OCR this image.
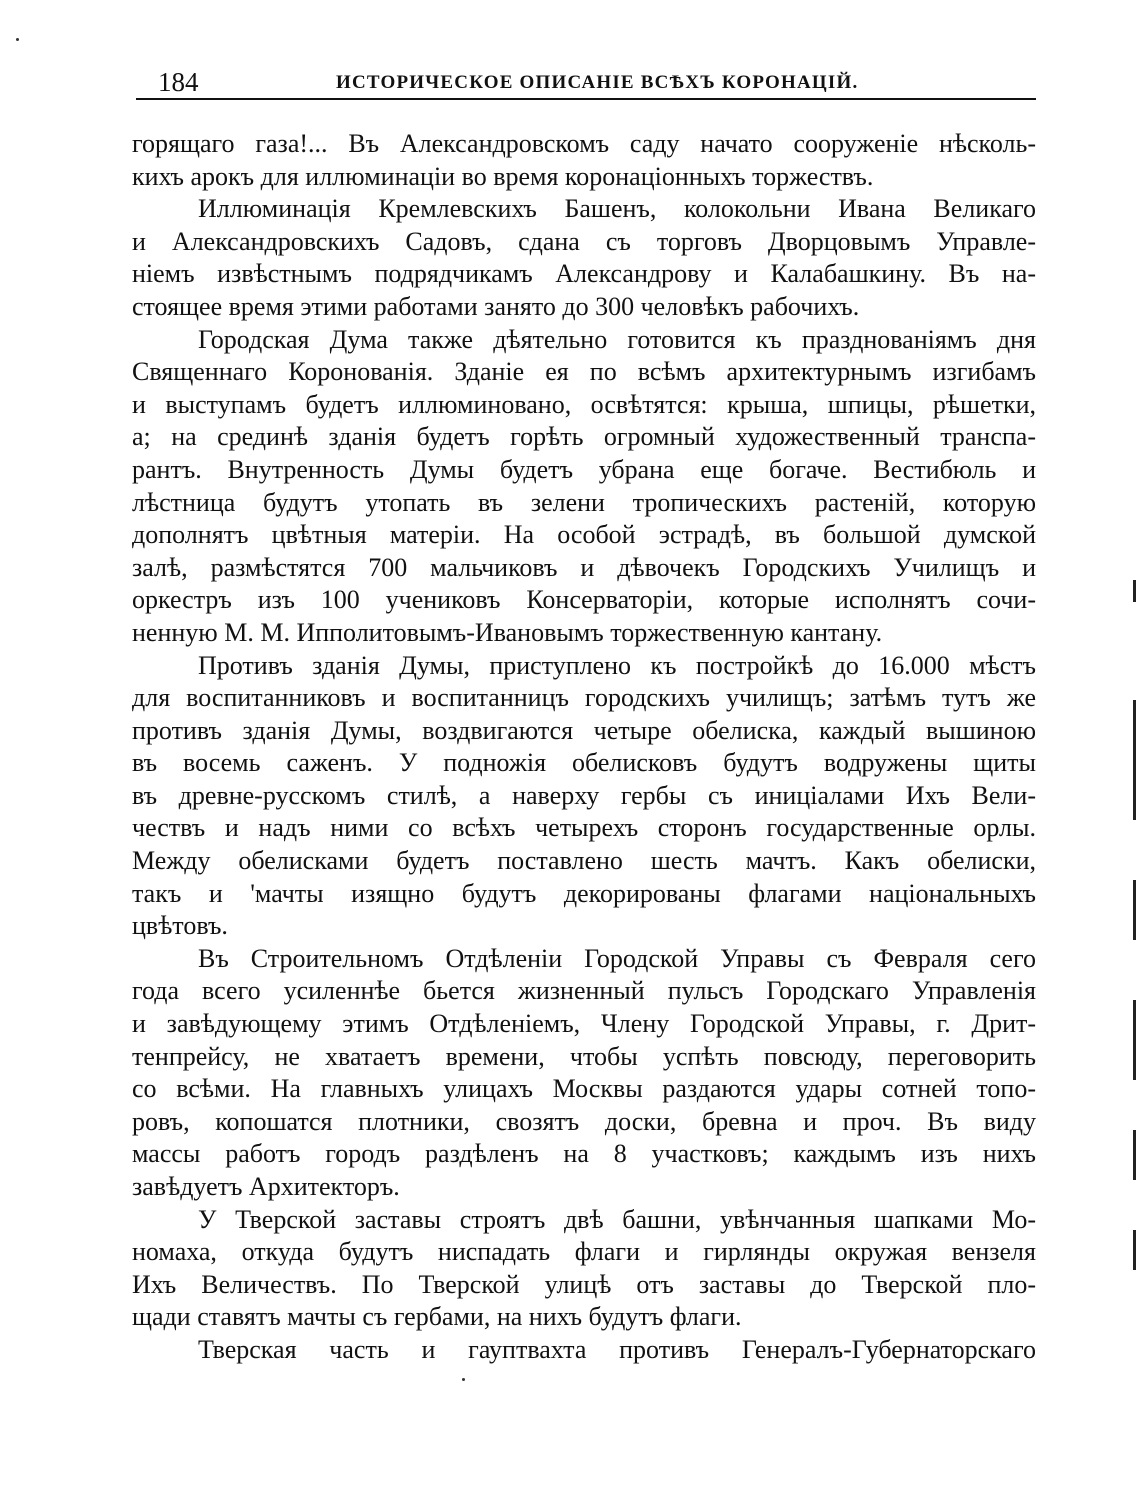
184	ИСТОРИЧЕСКОЕ ОПИСАНІЕ ВСѢХЪ КОРОНАЦІЙ.
горящаго газа!... Въ Александровскомъ саду начато сооруженіе нѣсколь-
кихъ арокъ для иллюминаціи во время коронаціонныхъ торжествъ.
Иллюминація Кремлевскихъ Башенъ, колокольни Ивана Великаго
и Александровскихъ Садовъ, сдана съ торговъ Дворцовымъ Управле-
ніемъ извѣстнымъ подрядчикамъ Александрову и Калабашкину. Въ на-
стоящее время этими работами занято до 300 человѣкъ рабочихъ.
Городская Дума также дѣятельно готовится къ празднованіямъ дня
Священнаго Коронованія. Зданіе ея по всѣмъ архитектурнымъ изгибамъ
и выступамъ будетъ иллюминовано, освѣтятся: крыша, шпицы, рѣшетки,
а; на срединѣ зданія будетъ горѣть огромный художественный транспа-
рантъ. Внутренность Думы будетъ убрана еще богаче. Вестибюль и
лѣстница будутъ утопать въ зелени тропическихъ растеній, которую
дополнятъ цвѣтныя матеріи. На особой эстрадѣ, въ большой думской
залѣ, размѣстятся 700 мальчиковъ и дѣвочекъ Городскихъ Училищъ и
оркестръ изъ 100 учениковъ Консерваторіи, которые исполнятъ сочи-
ненную М. М. Ипполитовымъ-Ивановымъ торжественную кантану.
Противъ зданія Думы, приступлено къ постройкѣ до 16.000 мѣстъ
для воспитанниковъ и воспитанницъ городскихъ училищъ; затѣмъ тутъ же
противъ зданія Думы, воздвигаются четыре обелиска, каждый вышиною
въ восемь саженъ. У подножія обелисковъ будутъ водружены щиты
въ древне-русскомъ стилѣ, а наверху гербы съ иниціалами Ихъ Вели-
чествъ и надъ ними со всѣхъ четырехъ сторонъ государственные орлы.
Между обелисками будетъ поставлено шесть мачтъ. Какъ обелиски,
такъ и 'мачты изящно будутъ декорированы флагами національныхъ
цвѣтовъ.
Въ Строительномъ Отдѣленіи Городской Управы съ Февраля сего
года всего усиленнѣе бьется жизненный пульсъ Городскаго Управленія
и завѣдующему этимъ Отдѣленіемъ, Члену Городской Управы, г. Дрит-
тенпрейсу, не хватаетъ времени, чтобы успѣть повсюду, переговорить
со всѣми. На главныхъ улицахъ Москвы раздаются удары сотней топо-
ровъ, копошатся плотники, свозятъ доски, бревна и проч. Въ виду
массы работъ городъ раздѣленъ на 8 участковъ; каждымъ изъ нихъ
завѣдуетъ Архитекторъ.
У Тверской заставы строятъ двѣ башни, увѣнчанныя шапками Мо-
номаха, откуда будутъ ниспадать флаги и гирлянды окружая вензеля
Ихъ Величествъ. По Тверской улицѣ отъ заставы до Тверской пло-
щади ставятъ мачты съ гербами, на нихъ будутъ флаги.
Тверская часть и гауптвахта противъ Генералъ-Губернаторскаго
